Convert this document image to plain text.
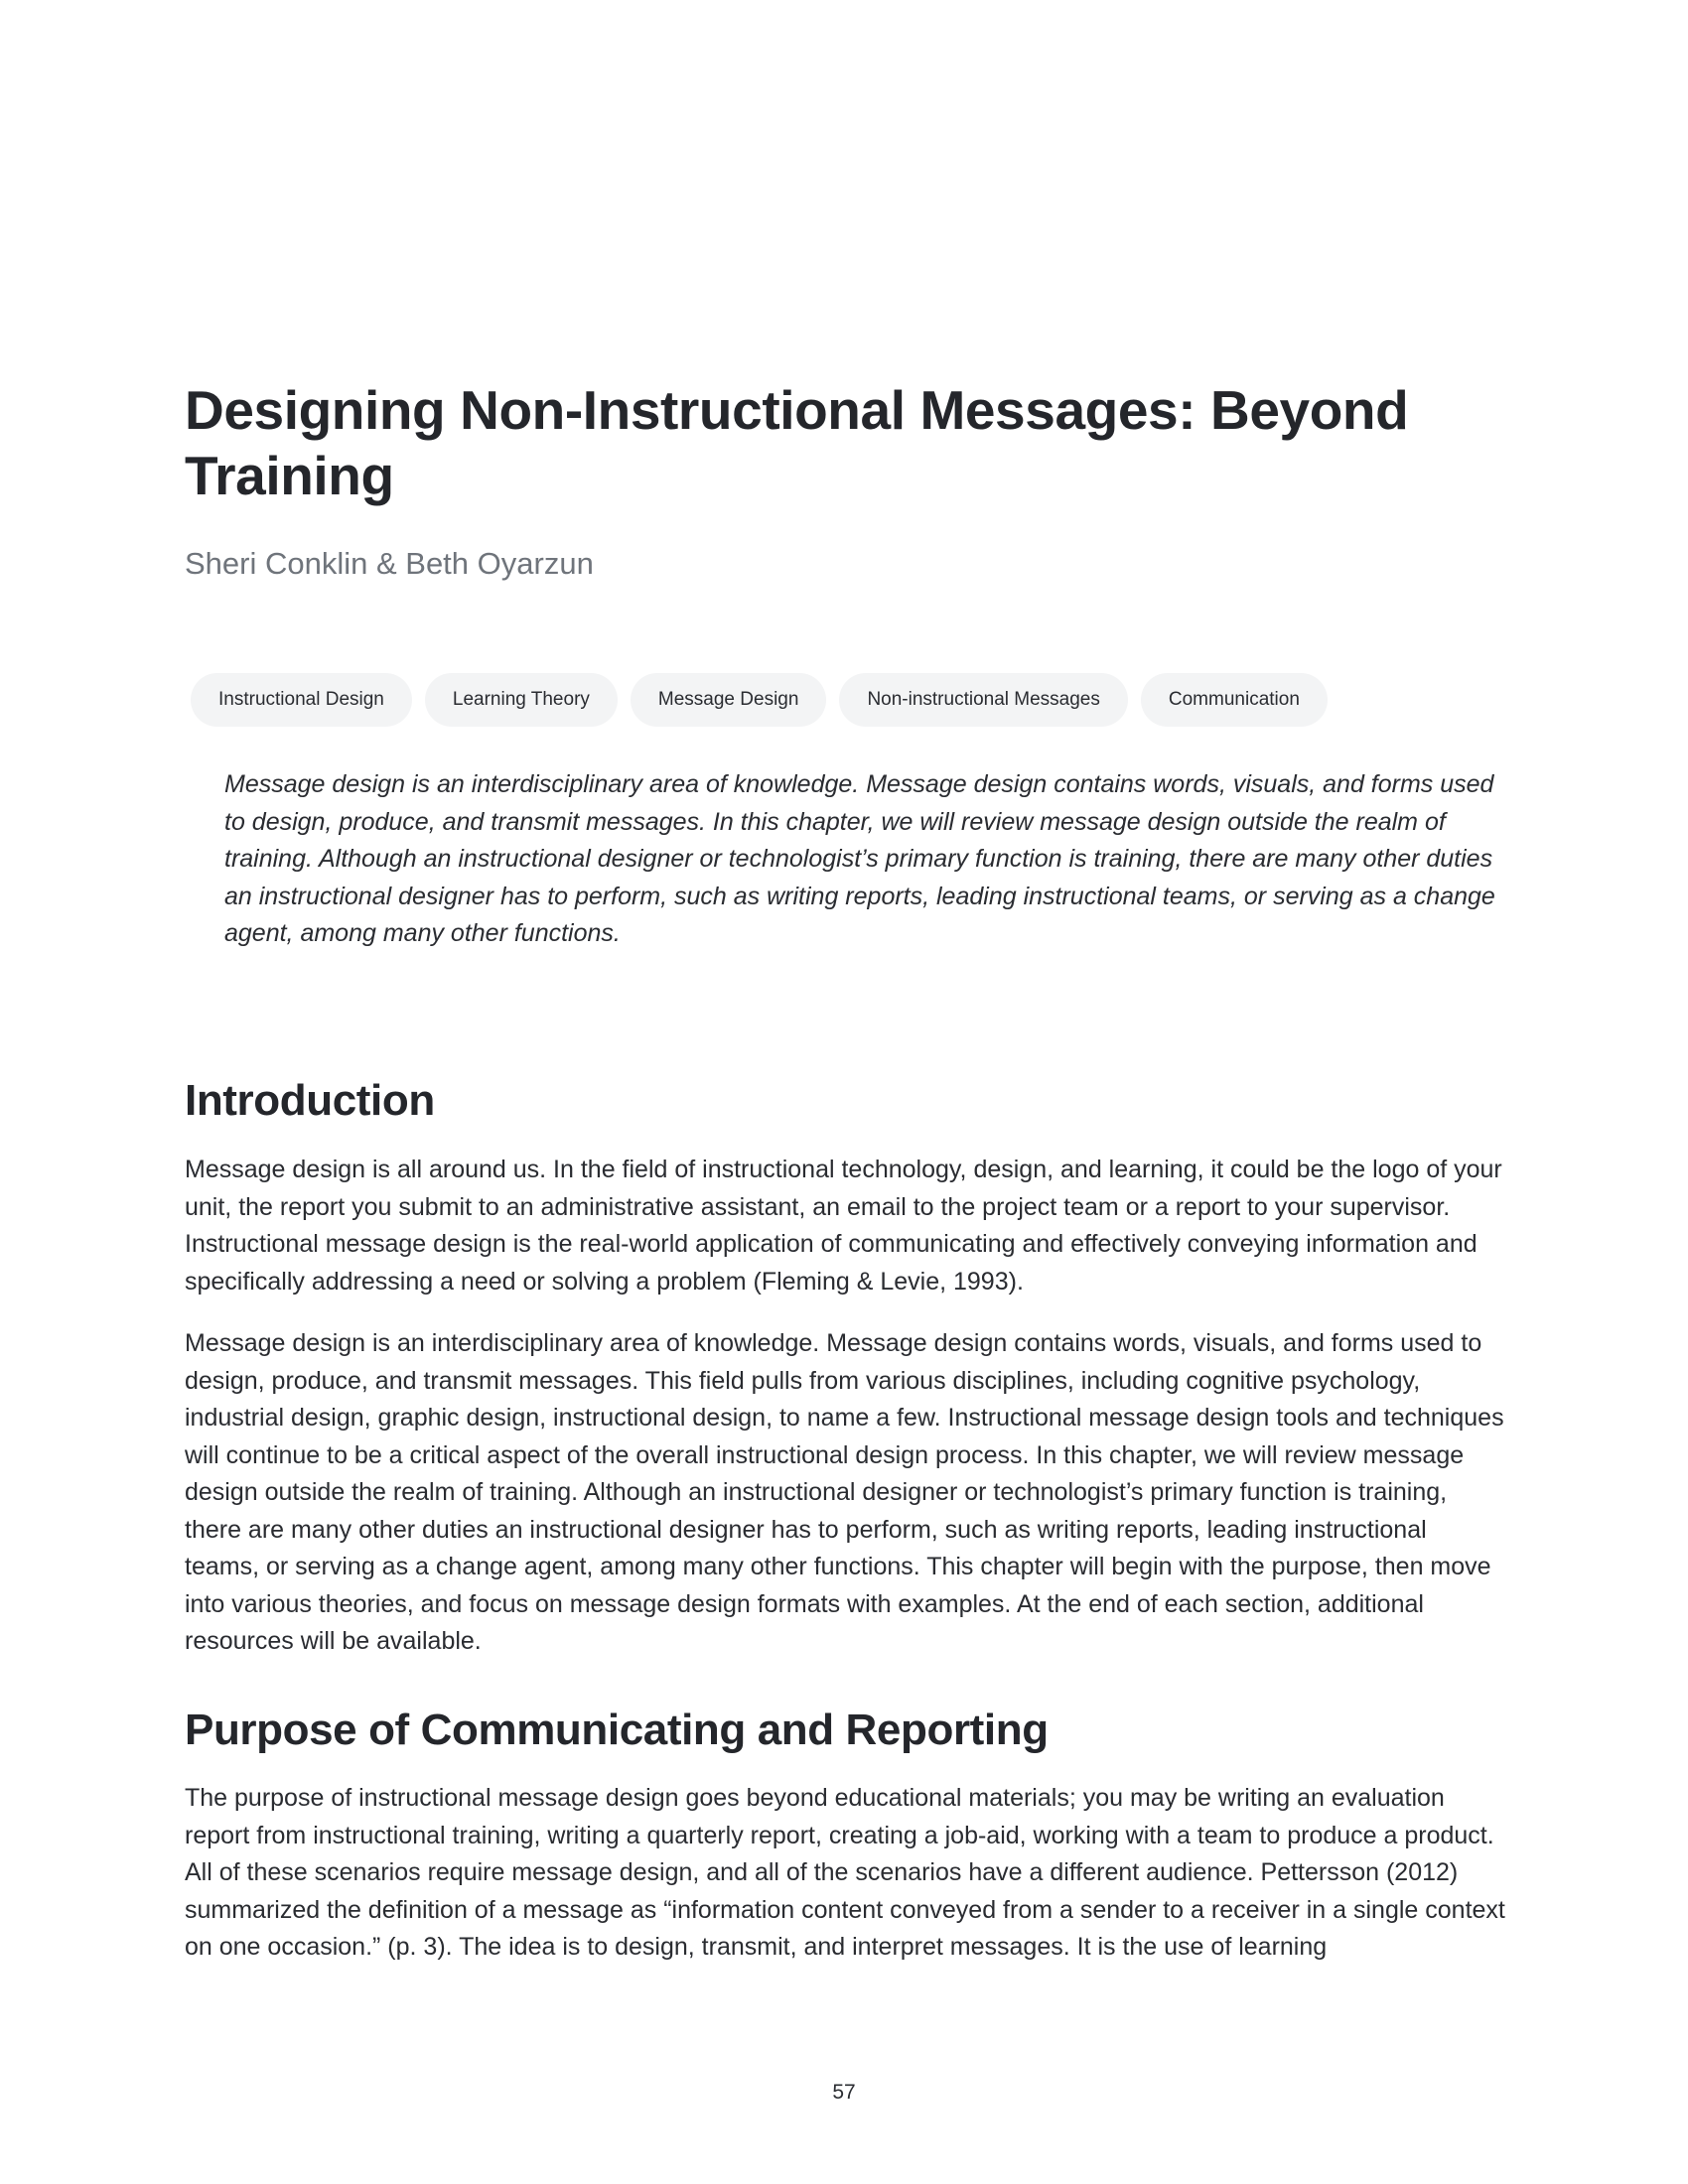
Designing Non-Instructional Messages: Beyond Training

Sheri Conklin & Beth Oyarzun

Instructional Design	Learning Theory	Message Design	Non-instructional Messages	Communication

Message design is an interdisciplinary area of knowledge. Message design contains words, visuals, and forms used to design, produce, and transmit messages. In this chapter, we will review message design outside the realm of training. Although an instructional designer or technologist’s primary function is training, there are many other duties an instructional designer has to perform, such as writing reports, leading instructional teams, or serving as a change agent, among many other functions.

Introduction

Message design is all around us. In the field of instructional technology, design, and learning, it could be the logo of your unit, the report you submit to an administrative assistant, an email to the project team or a report to your supervisor. Instructional message design is the real-world application of communicating and effectively conveying information and specifically addressing a need or solving a problem (Fleming & Levie, 1993).

Message design is an interdisciplinary area of knowledge. Message design contains words, visuals, and forms used to design, produce, and transmit messages. This field pulls from various disciplines, including cognitive psychology, industrial design, graphic design, instructional design, to name a few. Instructional message design tools and techniques will continue to be a critical aspect of the overall instructional design process. In this chapter, we will review message design outside the realm of training. Although an instructional designer or technologist’s primary function is training, there are many other duties an instructional designer has to perform, such as writing reports, leading instructional teams, or serving as a change agent, among many other functions. This chapter will begin with the purpose, then move into various theories, and focus on message design formats with examples. At the end of each section, additional resources will be available.

Purpose of Communicating and Reporting

The purpose of instructional message design goes beyond educational materials; you may be writing an evaluation report from instructional training, writing a quarterly report, creating a job-aid, working with a team to produce a product. All of these scenarios require message design, and all of the scenarios have a different audience. Pettersson (2012) summarized the definition of a message as “information content conveyed from a sender to a receiver in a single context on one occasion.” (p. 3). The idea is to design, transmit, and interpret messages. It is the use of learning

57
